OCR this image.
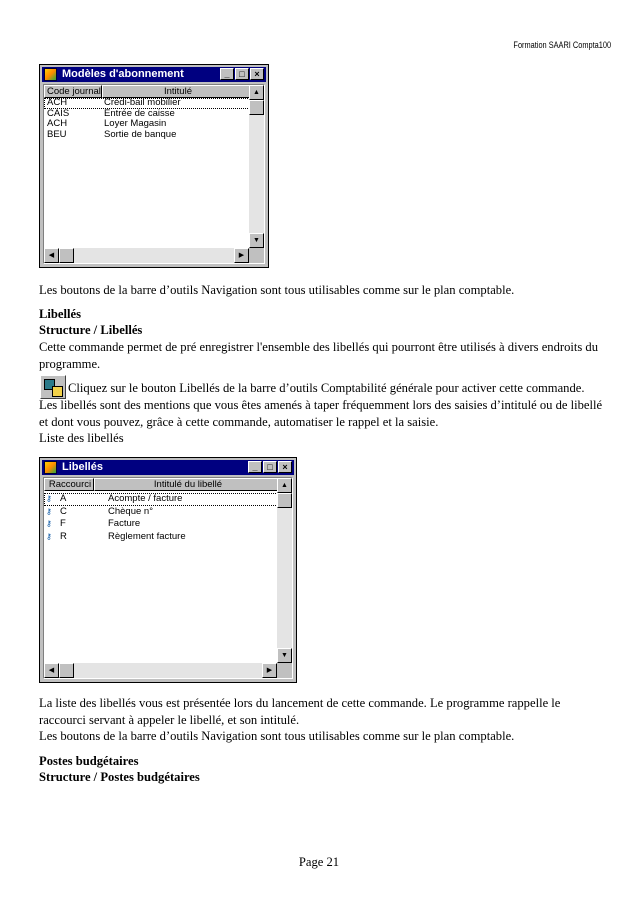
Formation SAARI Compta100
Modèles d'abonnement	_	□	×
Code journal	Intitulé
ACH	Crédi-bail mobilier
CAIS	Entrée de caisse
ACH	Loyer Magasin
BEU	Sortie de banque
▲
▼
◀	▶
Les boutons de la barre d’outils Navigation sont tous utilisables comme sur le plan comptable.
Libellés
Structure / Libellés
Cette commande permet de pré enregistrer l'ensemble des libellés qui pourront être utilisés à divers endroits du programme.
Cliquez sur le bouton Libellés de la barre d’outils Comptabilité générale pour activer cette commande.
Les libellés sont des mentions que vous êtes amenés à taper fréquemment lors des saisies d’intitulé ou de libellé et dont vous pouvez, grâce à cette commande, automatiser le rappel et la saisie.
Liste des libellés
Libellés	_	□	×
Raccourci	Intitulé du libellé
⚷ A	Acompte / facture
⚷ C	Chèque n°
⚷ F	Facture
⚷ R	Règlement facture
▲
▼
◀	▶
La liste des libellés vous est présentée lors du lancement de cette commande. Le programme rappelle le raccourci servant à appeler le libellé, et son intitulé.
Les boutons de la barre d’outils Navigation sont tous utilisables comme sur le plan comptable.
Postes budgétaires
Structure / Postes budgétaires
Page 21
